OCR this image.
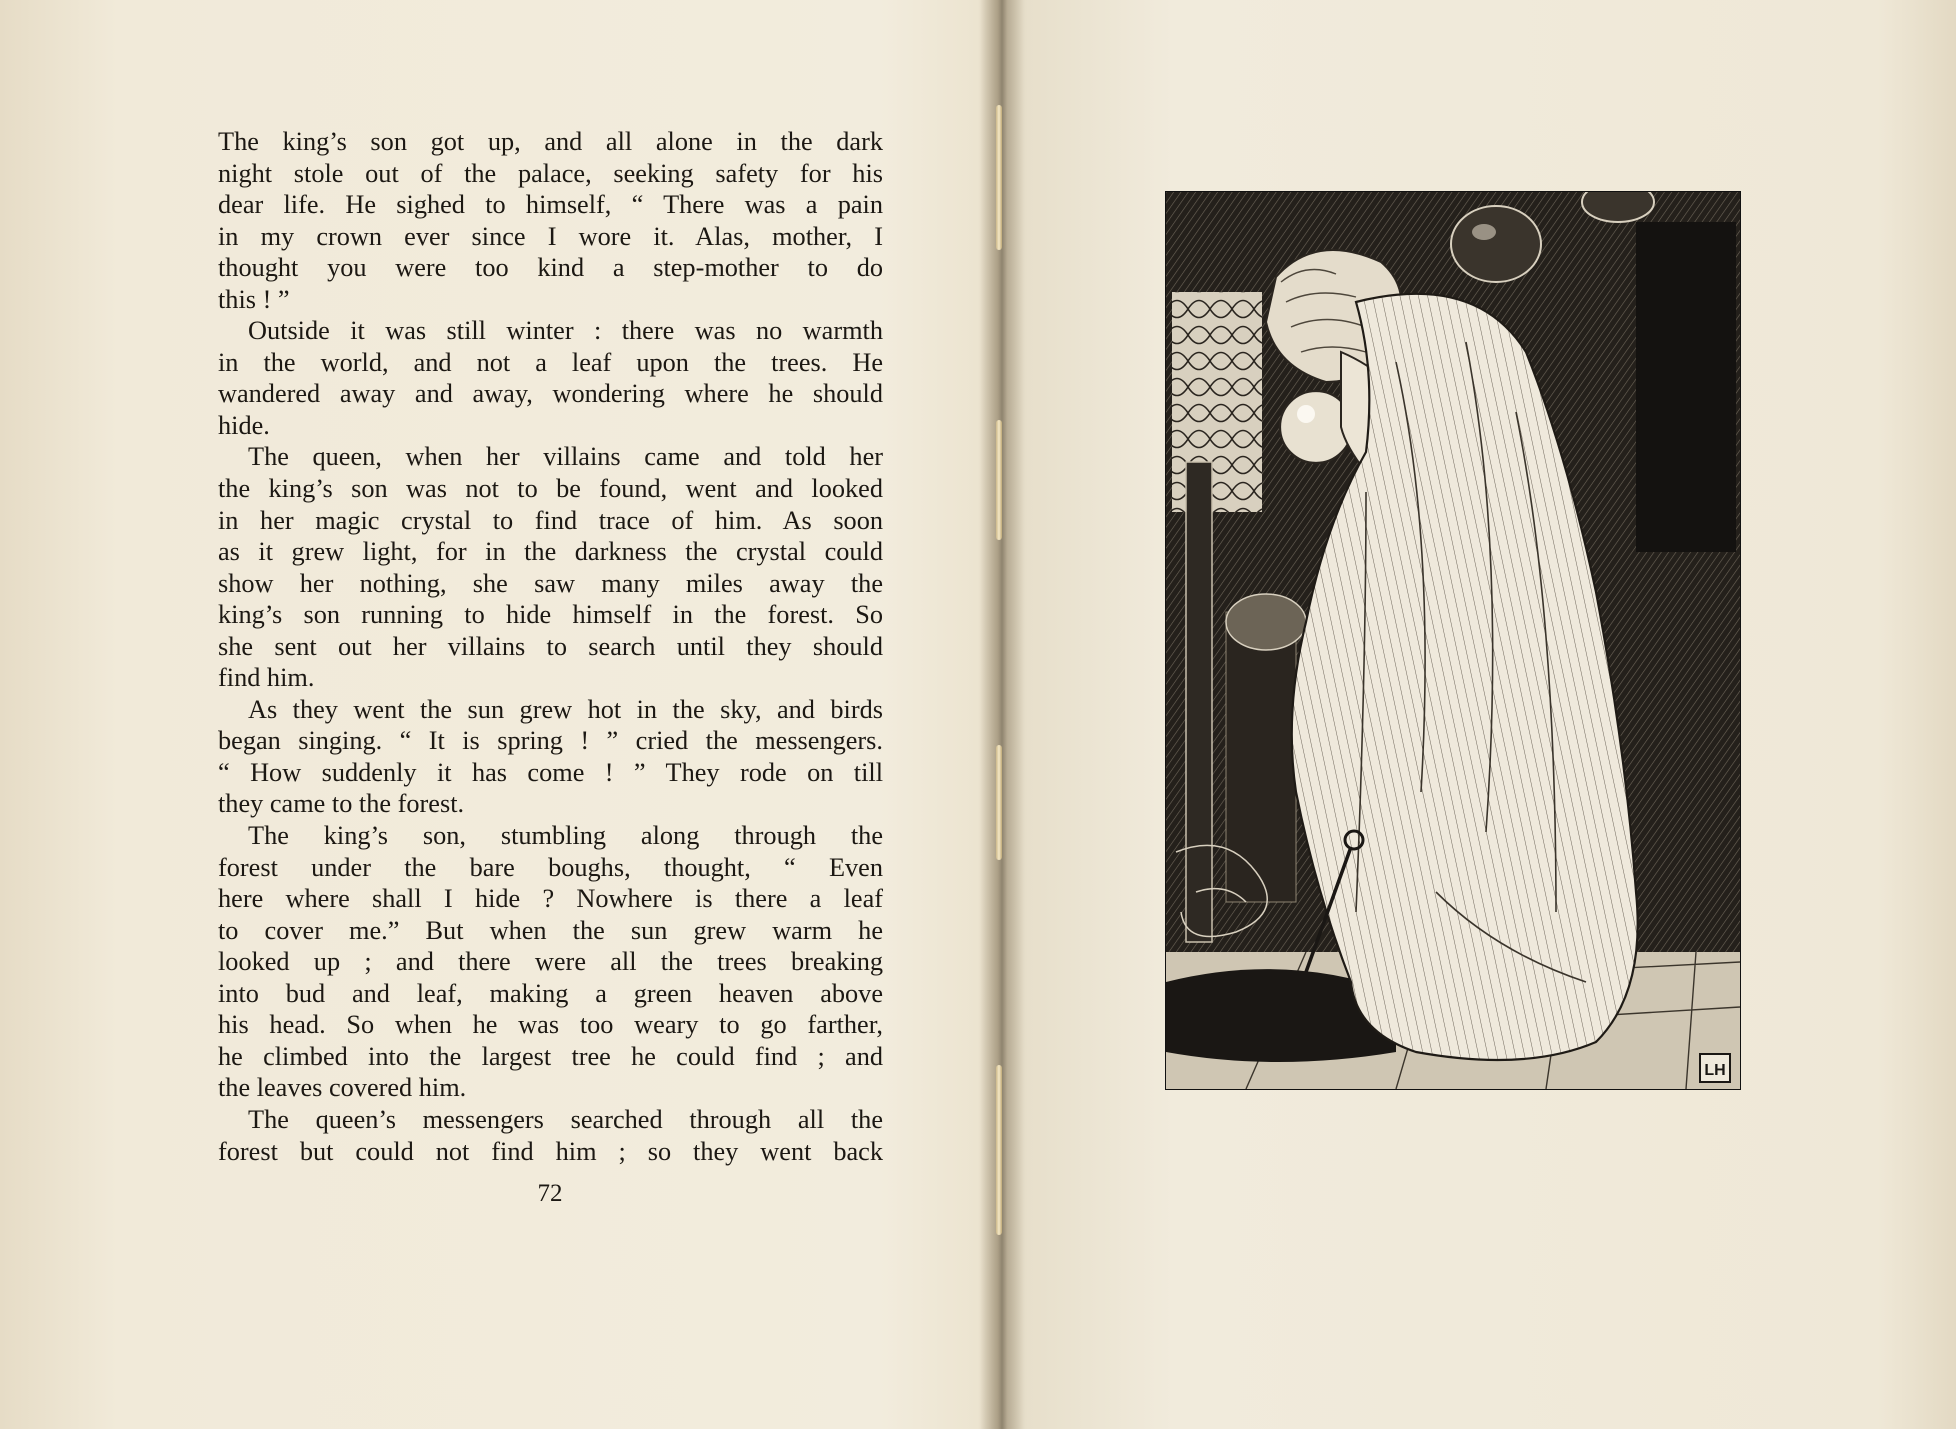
The king’s son got up, and all alone in the dark
night stole out of the palace, seeking safety for his
dear life. He sighed to himself, “ There was a pain
in my crown ever since I wore it. Alas, mother, I
thought you were too kind a step-mother to do
this ! ”
Outside it was still winter : there was no warmth
in the world, and not a leaf upon the trees. He
wandered away and away, wondering where he should
hide.
The queen, when her villains came and told her
the king’s son was not to be found, went and looked
in her magic crystal to find trace of him. As soon
as it grew light, for in the darkness the crystal could
show her nothing, she saw many miles away the
king’s son running to hide himself in the forest. So
she sent out her villains to search until they should
find him.
As they went the sun grew hot in the sky, and birds
began singing. “ It is spring ! ” cried the messengers.
“ How suddenly it has come ! ” They rode on till
they came to the forest.
The king’s son, stumbling along through the
forest under the bare boughs, thought, “ Even
here where shall I hide ? Nowhere is there a leaf
to cover me.” But when the sun grew warm he
looked up ; and there were all the trees breaking
into bud and leaf, making a green heaven above
his head. So when he was too weary to go farther,
he climbed into the largest tree he could find ; and
the leaves covered him.
The queen’s messengers searched through all the
forest but could not find him ; so they went back
72
LH
